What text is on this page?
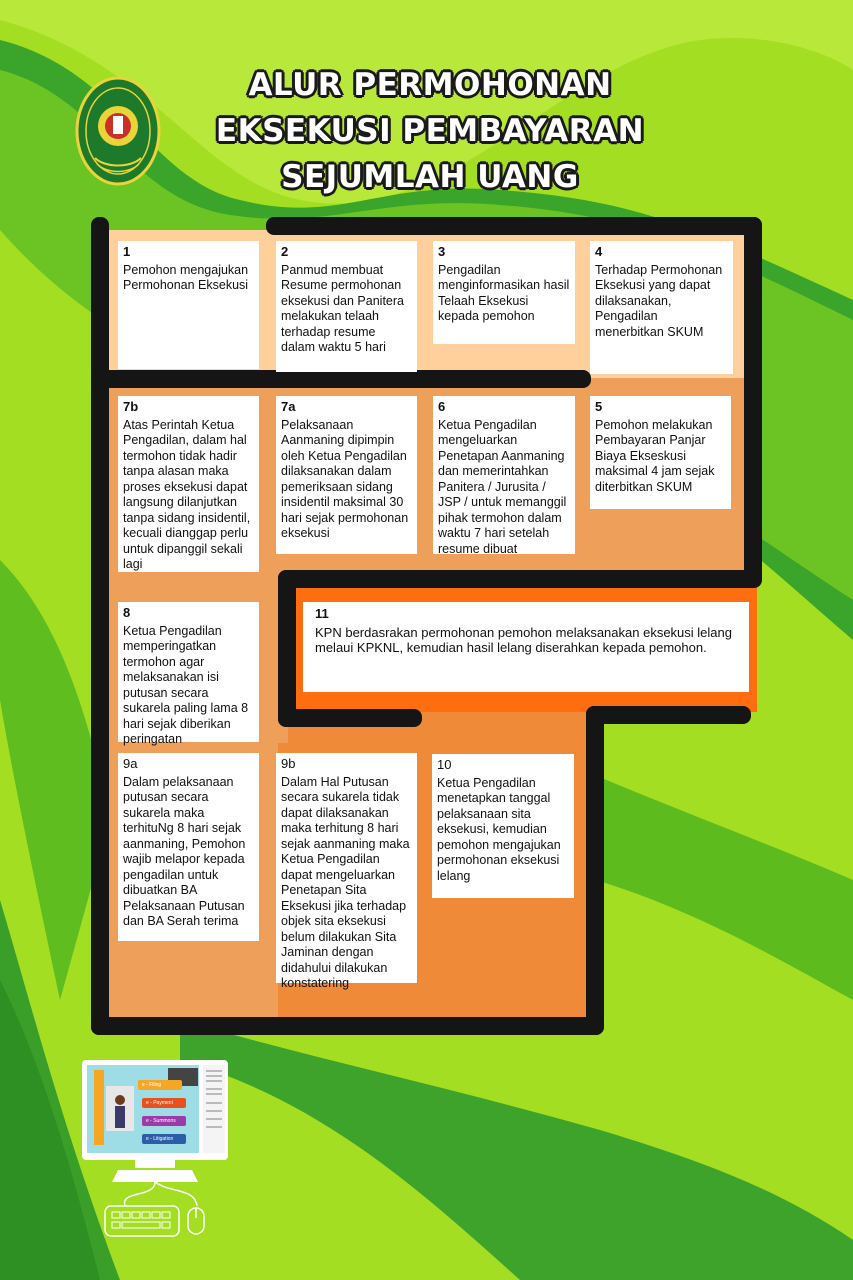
ALUR PERMOHONAN
EKSEKUSI PEMBAYARAN
SEJUMLAH UANG
1
Pemohon mengajukan Permohonan Eksekusi
2
Panmud membuat Resume permohonan eksekusi dan Panitera melakukan telaah terhadap resume dalam waktu 5 hari
3
Pengadilan menginformasikan hasil Telaah Eksekusi kepada pemohon
4
Terhadap Permohonan Eksekusi yang dapat dilaksanakan, Pengadilan menerbitkan SKUM
7b
Atas Perintah Ketua Pengadilan, dalam hal termohon tidak hadir tanpa alasan maka proses eksekusi dapat langsung dilanjutkan tanpa sidang insidentil, kecuali dianggap perlu untuk dipanggil sekali lagi
7a
Pelaksanaan Aanmaning dipimpin oleh Ketua Pengadilan dilaksanakan dalam pemeriksaan sidang insidentil maksimal 30 hari sejak permohonan eksekusi
6
Ketua Pengadilan mengeluarkan Penetapan Aanmaning dan memerintahkan Panitera / Jurusita / JSP / untuk memanggil pihak termohon dalam waktu 7 hari setelah resume dibuat
5
Pemohon melakukan Pembayaran Panjar Biaya Ekseskusi maksimal 4 jam sejak diterbitkan SKUM
8
Ketua Pengadilan memperingatkan termohon agar melaksanakan isi putusan secara sukarela paling lama 8 hari sejak diberikan peringatan
11
KPN berdasrakan permohonan pemohon melaksanakan eksekusi lelang melaui KPKNL, kemudian hasil lelang diserahkan kepada pemohon.
9a
Dalam pelaksanaan putusan secara sukarela maka terhituNg 8 hari sejak aanmaning, Pemohon wajib melapor kepada pengadilan untuk dibuatkan BA Pelaksanaan Putusan dan BA Serah terima
9b
Dalam Hal Putusan secara sukarela tidak dapat dilaksanakan maka terhitung 8 hari sejak aanmaning maka Ketua Pengadilan dapat mengeluarkan Penetapan Sita Eksekusi jika terhadap objek sita eksekusi belum dilakukan Sita Jaminan dengan didahului dilakukan konstatering
10
Ketua Pengadilan menetapkan tanggal pelaksanaan sita eksekusi, kemudian pemohon mengajukan permohonan eksekusi lelang
e - Filing
e - Payment
e - Summons
e - Litigation
